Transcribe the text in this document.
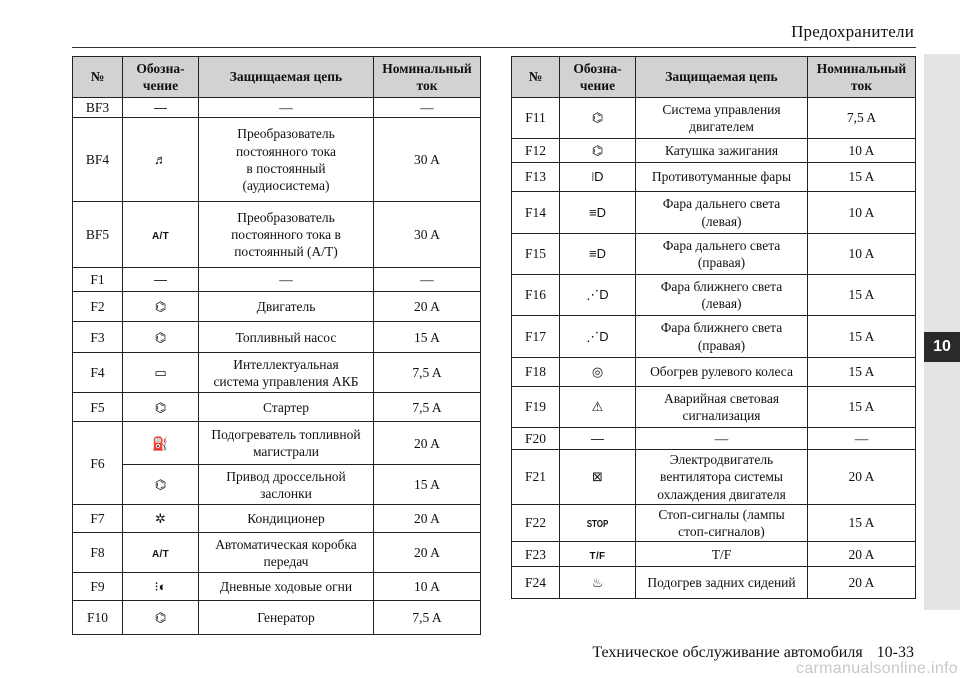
Предохранители
10
№	Обозна-
чение	Защищаемая цепь	Номинальный
ток
BF3	—	—	—
BF4	♬	Преобразователь
постоянного тока
в постоянный
(аудиосистема)	30 A
BF5	A/T	Преобразователь
постоянного тока в
постоянный (A/T)	30 A
F1	—	—	—
F2	⌬	Двигатель	20 A
F3	⌬	Топливный насос	15 A
F4	▭	Интеллектуальная
система управления АКБ	7,5 A
F5	⌬	Стартер	7,5 A
F6	⛽	Подогреватель топливной
магистрали	20 A
	⌬	Привод дроссельной
заслонки	15 A
F7	✲	Кондиционер	20 A
F8	A/T	Автоматическая коробка
передач	20 A
F9	⁝◐	Дневные ходовые огни	10 A
F10	⌬	Генератор	7,5 A
№	Обозна-
чение	Защищаемая цепь	Номинальный
ток
F11	⌬	Система управления
двигателем	7,5 A
F12	⌬	Катушка зажигания	10 A
F13	⧘D	Противотуманные фары	15 A
F14	≡D	Фара дальнего света
(левая)	10 A
F15	≡D	Фара дальнего света
(правая)	10 A
F16	⋰D	Фара ближнего света
(левая)	15 A
F17	⋰D	Фара ближнего света
(правая)	15 A
F18	◎	Обогрев рулевого колеса	15 A
F19	⚠	Аварийная световая
сигнализация	15 A
F20	—	—	—
F21	⊠	Электродвигатель
вентилятора системы
охлаждения двигателя	20 A
F22	STOP	Стоп-сигналы (лампы
стоп-сигналов)	15 A
F23	T/F	T/F	20 A
F24	♨	Подогрев задних сидений	20 A
Техническое обслуживание автомобиля 10-33
carmanualsonline.info
